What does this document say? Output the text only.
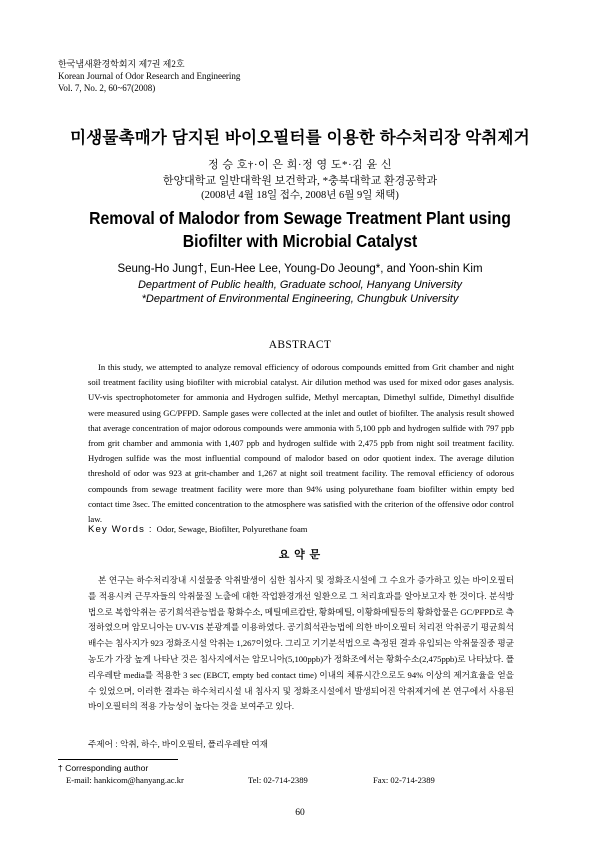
한국냄새환경학회지 제7권 제2호
Korean Journal of Odor Research and Engineering
Vol. 7, No. 2, 60~67(2008)
미생물촉매가 담지된 바이오필터를 이용한 하수처리장 악취제거
정 승 호†·이 은 희·정 영 도*·김 윤 신
한양대학교 일반대학원 보건학과, *충북대학교 환경공학과
(2008년 4월 18일 접수, 2008년 6월 9일 채택)
Removal of Malodor from Sewage Treatment Plant using Biofilter with Microbial Catalyst
Seung-Ho Jung†, Eun-Hee Lee, Young-Do Jeoung*, and Yoon-shin Kim
Department of Public health, Graduate school, Hanyang University
*Department of Environmental Engineering, Chungbuk University
ABSTRACT

In this study, we attempted to analyze removal efficiency of odorous compounds emitted from Grit chamber and night soil treatment facility using biofilter with microbial catalyst. Air dilution method was used for mixed odor gases analysis. UV-vis spectrophotometer for ammonia and Hydrogen sulfide, Methyl mercaptan, Dimethyl sulfide, Dimethyl disulfide were measured using GC/PFPD. Sample gases were collected at the inlet and outlet of biofilter. The analysis result showed that average concentration of major odorous compounds were ammonia with 5,100 ppb and hydrogen sulfide with 797 ppb from grit chamber and ammonia with 1,407 ppb and hydrogen sulfide with 2,475 ppb from night soil treatment facility. Hydrogen sulfide was the most influential compound of malodor based on odor quotient index. The average dilution threshold of odor was 923 at grit-chamber and 1,267 at night soil treatment facility. The removal efficiency of odorous compounds from sewage treatment facility were more than 94% using polyurethane foam biofilter within empty bed contact time 3sec. The emitted concentration to the atmosphere was satisfied with the criterion of the offensive odor control law.

Key Words : Odor, Sewage, Biofilter, Polyurethane foam
요 약 문

본 연구는 하수처리장내 시설물중 악취발생이 심한 침사지 및 정화조시설에 그 수요가 증가하고 있는 바이오필터를 적용시켜 근무자들의 악취물질 노출에 대한 작업환경개선 일환으로 그 처리효과를 알아보고자 한 것이다. 분석방법으로 복합악취는 공기희석관능법을 황화수소, 메틸메르캅탄, 황화메틸, 이황화메틸등의 황화합물은 GC/PFPD로 측정하였으며 암모니아는 UV-VIS 분광계를 이용하였다. 공기희석관능법에 의한 바이오필터 처리전 악취공기 평균희석배수는 침사지가 923 정화조시설 악취는 1,267이었다. 그리고 기기분석법으로 측정된 결과 유입되는 악취물질중 평균농도가 가장 높게 나타난 것은 침사지에서는 암모니아(5,100ppb)가 정화조에서는 황화수소(2,475ppb)로 나타났다. 폴리우레탄 media를 적용한 3 sec (EBCT, empty bed contact time) 이내의 체류시간으로도 94% 이상의 제거효율을 얻을 수 있었으며, 이러한 결과는 하수처리시설 내 침사지 및 정화조시설에서 발생되어진 악취제거에 본 연구에서 사용된 바이오필터의 적용 가능성이 높다는 것을 보여주고 있다.

주제어 : 악취, 하수, 바이오필터, 폴리우레탄 여재
† Corresponding author
E-mail: hankicom@hanyang.ac.kr	Tel: 02-714-2389	Fax: 02-714-2389
60
